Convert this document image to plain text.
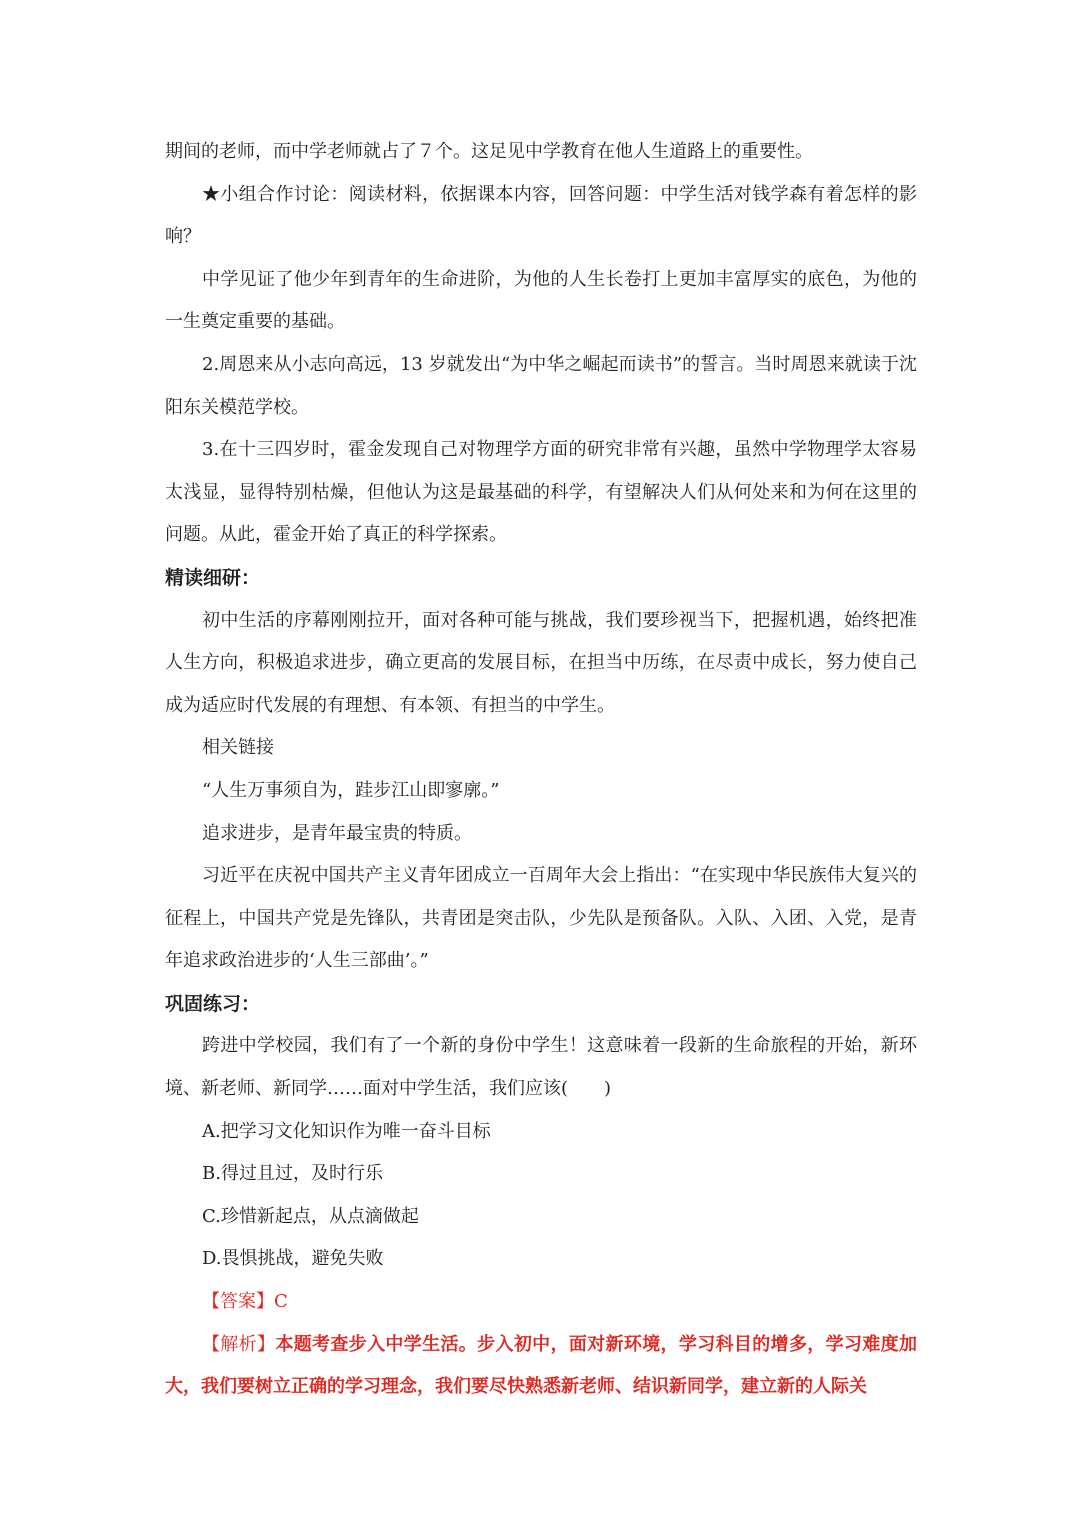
期间的老师，而中学老师就占了７个。这足见中学教育在他人生道路上的重要性。

★小组合作讨论：阅读材料，依据课本内容，回答问题：中学生活对钱学森有着怎样的影响？

中学见证了他少年到青年的生命进阶，为他的人生长卷打上更加丰富厚实的底色，为他的一生奠定重要的基础。

2.周恩来从小志向高远，13 岁就发出“为中华之崛起而读书”的誓言。当时周恩来就读于沈阳东关模范学校。

3.在十三四岁时，霍金发现自己对物理学方面的研究非常有兴趣，虽然中学物理学太容易太浅显，显得特别枯燥，但他认为这是最基础的科学，有望解决人们从何处来和为何在这里的问题。从此，霍金开始了真正的科学探索。

精读细研：

初中生活的序幕刚刚拉开，面对各种可能与挑战，我们要珍视当下，把握机遇，始终把准人生方向，积极追求进步，确立更高的发展目标，在担当中历练，在尽责中成长，努力使自己成为适应时代发展的有理想、有本领、有担当的中学生。

相关链接

“人生万事须自为，跬步江山即寥廓。”

追求进步，是青年最宝贵的特质。

习近平在庆祝中国共产主义青年团成立一百周年大会上指出：“在实现中华民族伟大复兴的征程上，中国共产党是先锋队，共青团是突击队，少先队是预备队。入队、入团、入党，是青年追求政治进步的‘人生三部曲’。”

巩固练习：

跨进中学校园，我们有了一个新的身份中学生！这意味着一段新的生命旅程的开始，新环境、新老师、新同学……面对中学生活，我们应该(　　)

A.把学习文化知识作为唯一奋斗目标

B.得过且过，及时行乐

C.珍惜新起点，从点滴做起

D.畏惧挑战，避免失败

【答案】C

【解析】本题考查步入中学生活。步入初中，面对新环境，学习科目的增多，学习难度加大，我们要树立正确的学习理念，我们要尽快熟悉新老师、结识新同学，建立新的人际关
